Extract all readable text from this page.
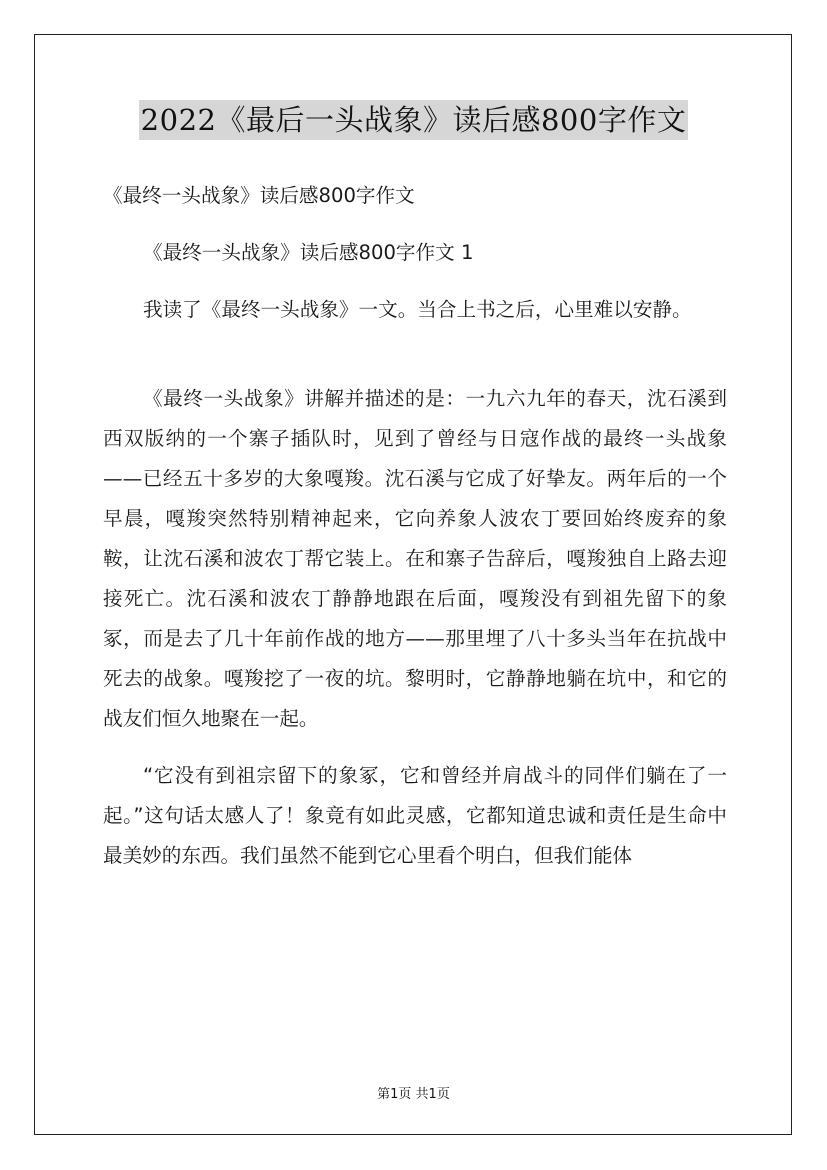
2022《最后一头战象》读后感800字作文

《最终一头战象》读后感800字作文

《最终一头战象》读后感800字作文 1

我读了《最终一头战象》一文。当合上书之后，心里难以安静。

《最终一头战象》讲解并描述的是：一九六九年的春天，沈石溪到西双版纳的一个寨子插队时，见到了曾经与日寇作战的最终一头战象——已经五十多岁的大象嘎羧。沈石溪与它成了好挚友。两年后的一个早晨，嘎羧突然特别精神起来，它向养象人波农丁要回始终废弃的象鞍，让沈石溪和波农丁帮它装上。在和寨子告辞后，嘎羧独自上路去迎接死亡。沈石溪和波农丁静静地跟在后面，嘎羧没有到祖先留下的象冢，而是去了几十年前作战的地方——那里埋了八十多头当年在抗战中死去的战象。嘎羧挖了一夜的坑。黎明时，它静静地躺在坑中，和它的战友们恒久地聚在一起。

“它没有到祖宗留下的象冢，它和曾经并肩战斗的同伴们躺在了一起。”这句话太感人了！象竟有如此灵感，它都知道忠诚和责任是生命中最美妙的东西。我们虽然不能到它心里看个明白，但我们能体

第1页 共1页
